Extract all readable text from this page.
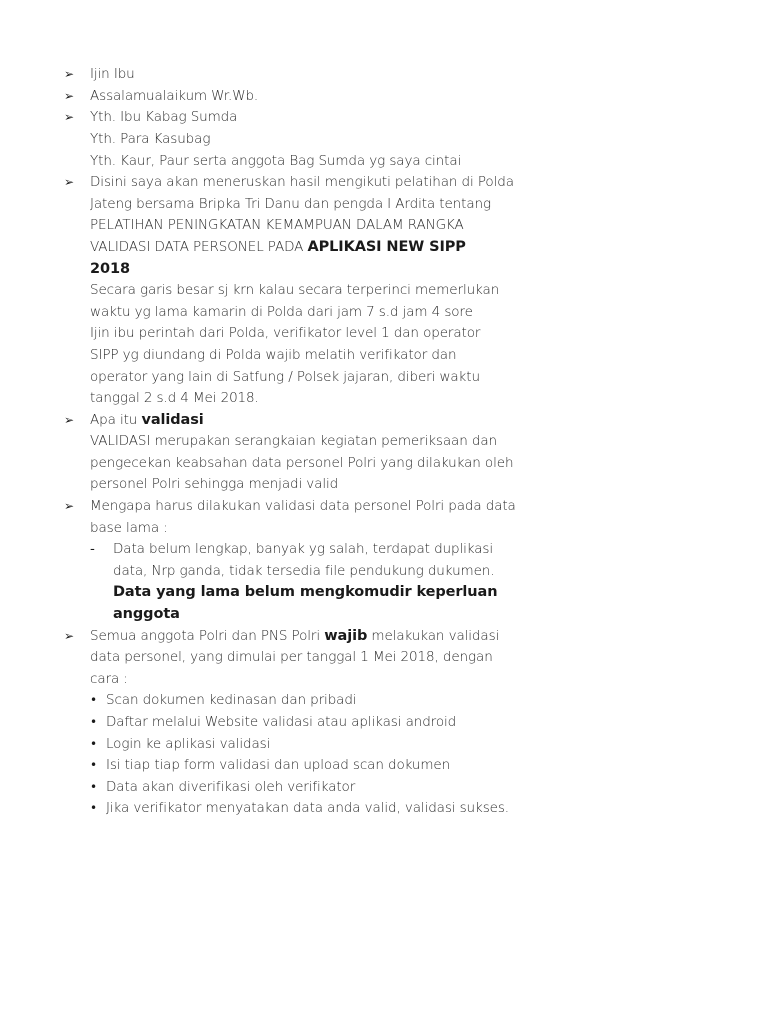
➢ Ijin Ibu
➢ Assalamualaikum Wr.Wb.
➢ Yth. Ibu Kabag Sumda
Yth. Para Kasubag
Yth. Kaur, Paur serta anggota Bag Sumda yg saya cintai
➢ Disini saya akan meneruskan hasil mengikuti pelatihan di Polda
Jateng bersama Bripka Tri Danu dan pengda I Ardita tentang
PELATIHAN PENINGKATAN KEMAMPUAN DALAM RANGKA
VALIDASI DATA PERSONEL PADA APLIKASI NEW SIPP
2018
Secara garis besar sj krn kalau secara terperinci memerlukan
waktu yg lama kamarin di Polda dari jam 7 s.d jam 4 sore
Ijin ibu perintah dari Polda, verifikator level 1 dan operator
SIPP yg diundang di Polda wajib melatih verifikator dan
operator yang lain di Satfung / Polsek jajaran, diberi waktu
tanggal 2 s.d 4 Mei 2018.
➢ Apa itu validasi
VALIDASI merupakan serangkaian kegiatan pemeriksaan dan
pengecekan keabsahan data personel Polri yang dilakukan oleh
personel Polri sehingga menjadi valid
➢ Mengapa harus dilakukan validasi data personel Polri pada data
base lama :
- Data belum lengkap, banyak yg salah, terdapat duplikasi
data, Nrp ganda, tidak tersedia file pendukung dukumen.
Data yang lama belum mengkomudir keperluan
anggota
➢ Semua anggota Polri dan PNS Polri wajib melakukan validasi
data personel, yang dimulai per tanggal 1 Mei 2018, dengan
cara :
• Scan dokumen kedinasan dan pribadi
• Daftar melalui Website validasi atau aplikasi android
• Login ke aplikasi validasi
• Isi tiap tiap form validasi dan upload scan dokumen
• Data akan diverifikasi oleh verifikator
• Jika verifikator menyatakan data anda valid, validasi sukses.
